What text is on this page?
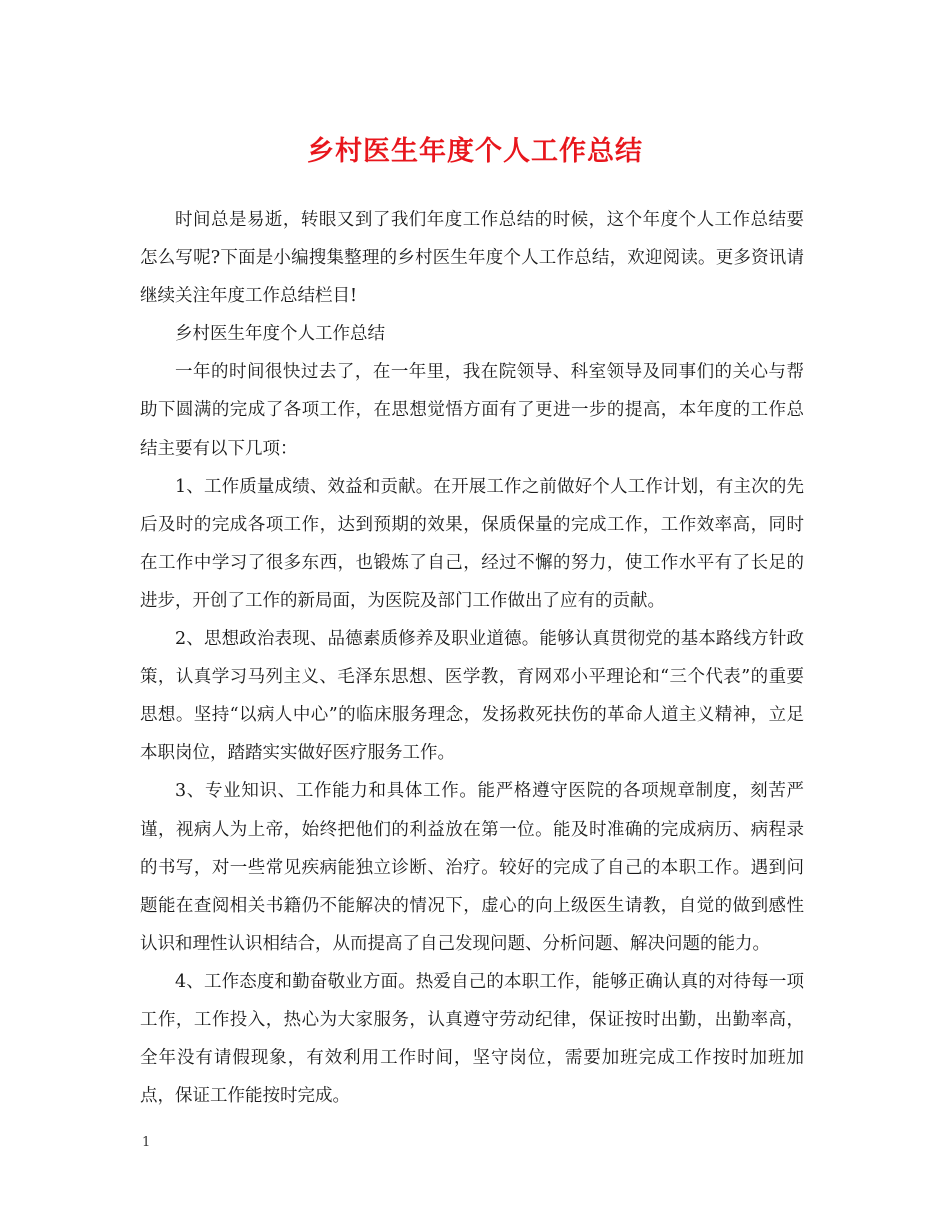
乡村医生年度个人工作总结

时间总是易逝，转眼又到了我们年度工作总结的时候，这个年度个人工作总结要怎么写呢?下面是小编搜集整理的乡村医生年度个人工作总结，欢迎阅读。更多资讯请继续关注年度工作总结栏目!

乡村医生年度个人工作总结

一年的时间很快过去了，在一年里，我在院领导、科室领导及同事们的关心与帮助下圆满的完成了各项工作，在思想觉悟方面有了更进一步的提高，本年度的工作总结主要有以下几项：

1、工作质量成绩、效益和贡献。在开展工作之前做好个人工作计划，有主次的先后及时的完成各项工作，达到预期的效果，保质保量的完成工作，工作效率高，同时在工作中学习了很多东西，也锻炼了自己，经过不懈的努力，使工作水平有了长足的进步，开创了工作的新局面，为医院及部门工作做出了应有的贡献。

2、思想政治表现、品德素质修养及职业道德。能够认真贯彻党的基本路线方针政策，认真学习马列主义、毛泽东思想、医学教，育网邓小平理论和“三个代表”的重要思想。坚持“以病人中心”的临床服务理念，发扬救死扶伤的革命人道主义精神，立足本职岗位，踏踏实实做好医疗服务工作。

3、专业知识、工作能力和具体工作。能严格遵守医院的各项规章制度，刻苦严谨，视病人为上帝，始终把他们的利益放在第一位。能及时准确的完成病历、病程录的书写，对一些常见疾病能独立诊断、治疗。较好的完成了自己的本职工作。遇到问题能在查阅相关书籍仍不能解决的情况下，虚心的向上级医生请教，自觉的做到感性认识和理性认识相结合，从而提高了自己发现问题、分析问题、解决问题的能力。

4、工作态度和勤奋敬业方面。热爱自己的本职工作，能够正确认真的对待每一项工作，工作投入，热心为大家服务，认真遵守劳动纪律，保证按时出勤，出勤率高，全年没有请假现象，有效利用工作时间，坚守岗位，需要加班完成工作按时加班加点，保证工作能按时完成。

1
